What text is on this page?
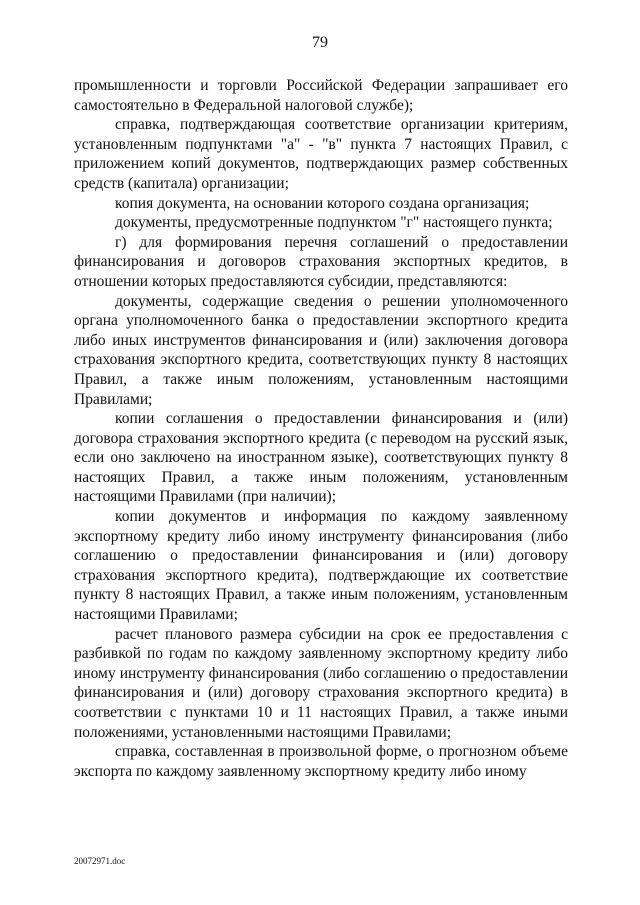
79

промышленности и торговли Российской Федерации запрашивает его самостоятельно в Федеральной налоговой службе);

справка, подтверждающая соответствие организации критериям, установленным подпунктами "а" - "в" пункта 7 настоящих Правил, с приложением копий документов, подтверждающих размер собственных средств (капитала) организации;

копия документа, на основании которого создана организация;

документы, предусмотренные подпунктом "г" настоящего пункта;

г) для формирования перечня соглашений о предоставлении финансирования и договоров страхования экспортных кредитов, в отношении которых предоставляются субсидии, представляются:

документы, содержащие сведения о решении уполномоченного органа уполномоченного банка о предоставлении экспортного кредита либо иных инструментов финансирования и (или) заключения договора страхования экспортного кредита, соответствующих пункту 8 настоящих Правил, а также иным положениям, установленным настоящими Правилами;

копии соглашения о предоставлении финансирования и (или) договора страхования экспортного кредита (с переводом на русский язык, если оно заключено на иностранном языке), соответствующих пункту 8 настоящих Правил, а также иным положениям, установленным настоящими Правилами (при наличии);

копии документов и информация по каждому заявленному экспортному кредиту либо иному инструменту финансирования (либо соглашению о предоставлении финансирования и (или) договору страхования экспортного кредита), подтверждающие их соответствие пункту 8 настоящих Правил, а также иным положениям, установленным настоящими Правилами;

расчет планового размера субсидии на срок ее предоставления с разбивкой по годам по каждому заявленному экспортному кредиту либо иному инструменту финансирования (либо соглашению о предоставлении финансирования и (или) договору страхования экспортного кредита) в соответствии с пунктами 10 и 11 настоящих Правил, а также иными положениями, установленными настоящими Правилами;

справка, составленная в произвольной форме, о прогнозном объеме экспорта по каждому заявленному экспортному кредиту либо иному

20072971.doc
